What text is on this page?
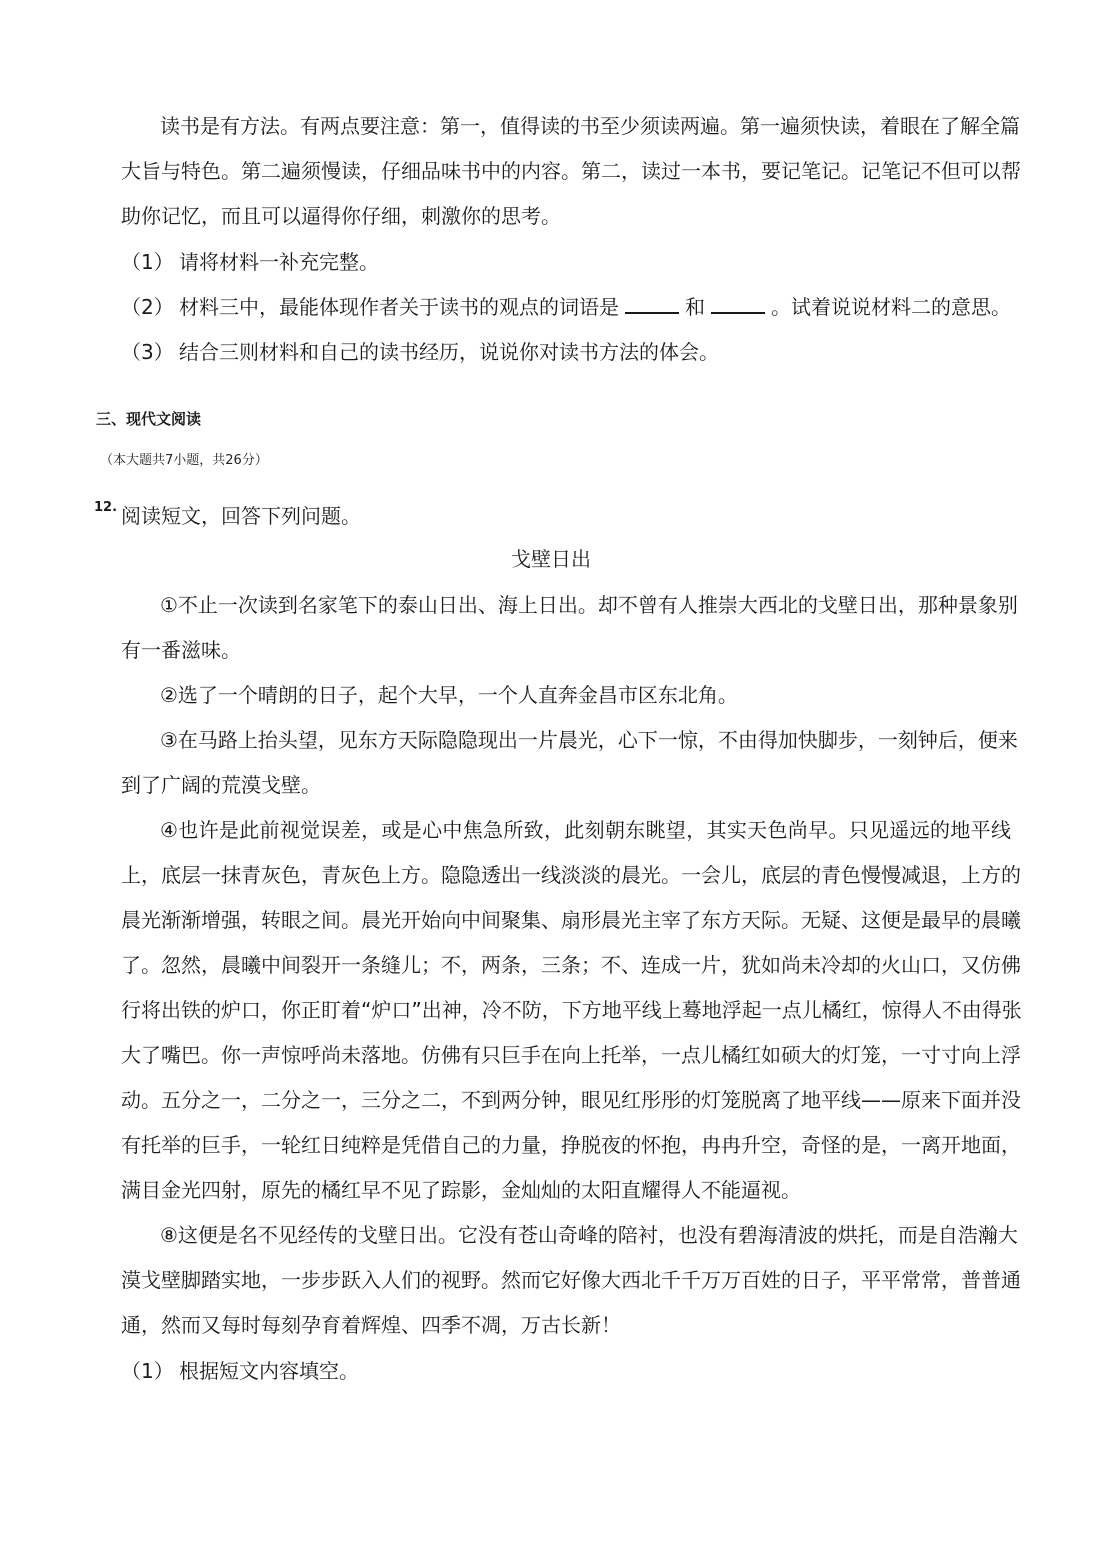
读书是有方法。有两点要注意：第一，值得读的书至少须读两遍。第一遍须快读，着眼在了解全篇
大旨与特色。第二遍须慢读，仔细品味书中的内容。第二，读过一本书，要记笔记。记笔记不但可以帮
助你记忆，而且可以逼得你仔细，刺激你的思考。
（1） 请将材料一补充完整。
（2） 材料三中，最能体现作者关于读书的观点的词语是	和	。试着说说材料二的意思。
（3） 结合三则材料和自己的读书经历，说说你对读书方法的体会。
三、现代文阅读
（本大题共7小题，共26分）
12. 阅读短文，回答下列问题。
戈壁日出
①不止一次读到名家笔下的泰山日出、海上日出。却不曾有人推崇大西北的戈壁日出，那种景象别
有一番滋味。
②选了一个晴朗的日子，起个大早，一个人直奔金昌市区东北角。
③在马路上抬头望，见东方天际隐隐现出一片晨光，心下一惊，不由得加快脚步，一刻钟后，便来
到了广阔的荒漠戈壁。
④也许是此前视觉误差，或是心中焦急所致，此刻朝东眺望，其实天色尚早。只见遥远的地平线
上，底层一抹青灰色，青灰色上方。隐隐透出一线淡淡的晨光。一会儿，底层的青色慢慢减退，上方的
晨光渐渐增强，转眼之间。晨光开始向中间聚集、扇形晨光主宰了东方天际。无疑、这便是最早的晨曦
了。忽然，晨曦中间裂开一条缝儿；不，两条，三条；不、连成一片，犹如尚未冷却的火山口，又仿佛
行将出铁的炉口，你正盯着“炉口”出神，冷不防，下方地平线上蓦地浮起一点儿橘红，惊得人不由得张
大了嘴巴。你一声惊呼尚未落地。仿佛有只巨手在向上托举，一点儿橘红如硕大的灯笼，一寸寸向上浮
动。五分之一，二分之一，三分之二，不到两分钟，眼见红彤彤的灯笼脱离了地平线——原来下面并没
有托举的巨手，一轮红日纯粹是凭借自己的力量，挣脱夜的怀抱，冉冉升空，奇怪的是，一离开地面，
满目金光四射，原先的橘红早不见了踪影，金灿灿的太阳直耀得人不能逼视。
⑧这便是名不见经传的戈壁日出。它没有苍山奇峰的陪衬，也没有碧海清波的烘托，而是自浩瀚大
漠戈壁脚踏实地，一步步跃入人们的视野。然而它好像大西北千千万万百姓的日子，平平常常，普普通
通，然而又每时每刻孕育着辉煌、四季不凋，万古长新！
（1） 根据短文内容填空。
